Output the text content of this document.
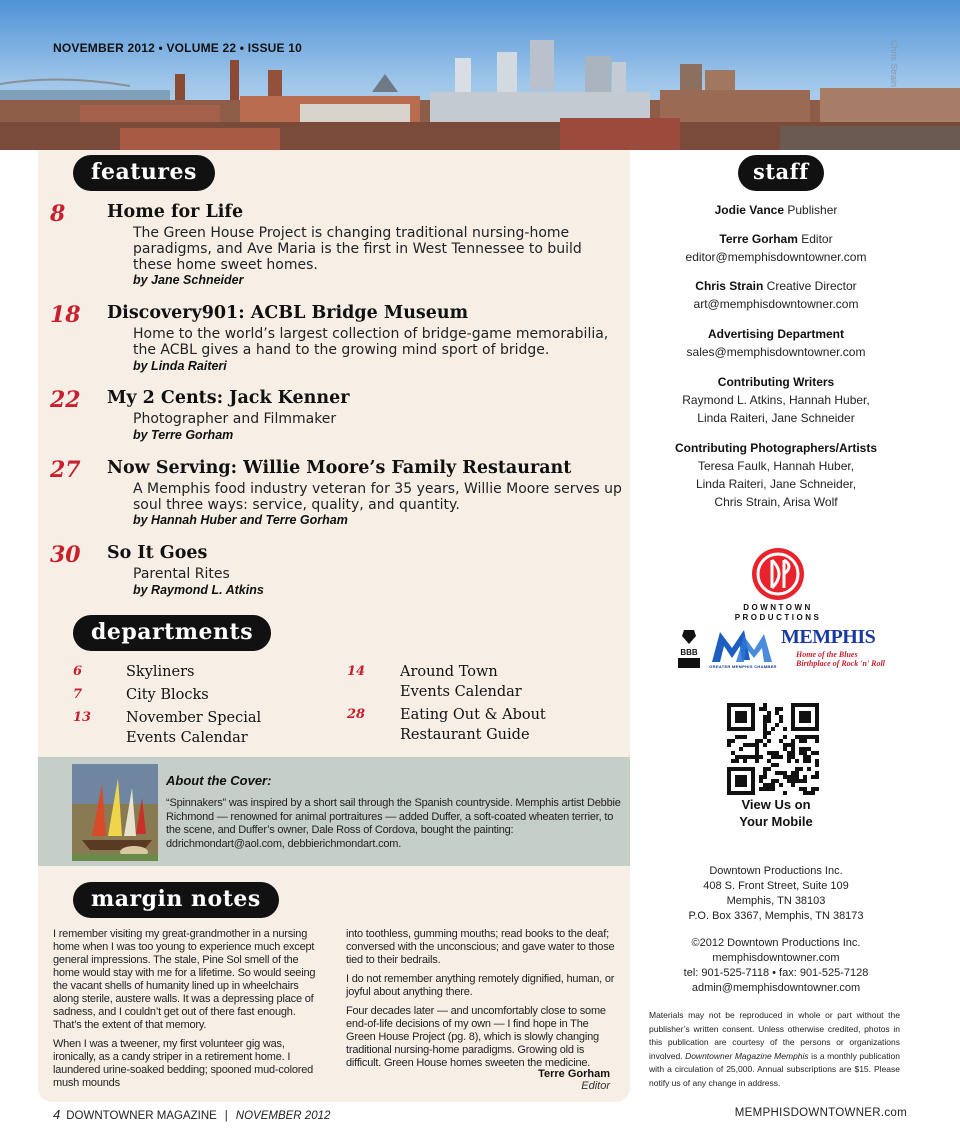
NOVEMBER 2012 • VOLUME 22 • ISSUE 10	Chris Strain
features
8	Home for Life
The Green House Project is changing traditional nursing-home paradigms, and Ave Maria is the first in West Tennessee to build these home sweet homes.
by Jane Schneider
18	Discovery901: ACBL Bridge Museum
Home to the world’s largest collection of bridge-game memorabilia, the ACBL gives a hand to the growing mind sport of bridge.
by Linda Raiteri
22	My 2 Cents: Jack Kenner
Photographer and Filmmaker
by Terre Gorham
27	Now Serving: Willie Moore’s Family Restaurant
A Memphis food industry veteran for 35 years, Willie Moore serves up soul three ways: service, quality, and quantity.
by Hannah Huber and Terre Gorham
30	So It Goes
Parental Rites
by Raymond L. Atkins
departments
6	Skyliners
7	City Blocks
13 November Special
Events Calendar
14 Around Town
Events Calendar
28 Eating Out & About
Restaurant Guide
About the Cover:
“Spinnakers” was inspired by a short sail through the Spanish countryside. Memphis artist Debbie Richmond — renowned for animal portraitures — added Duffer, a soft-coated wheaten terrier, to the scene, and Duffer’s owner, Dale Ross of Cordova, bought the painting: ddrichmondart@aol.com, debbierichmondart.com.
margin notes

I remember visiting my great-grandmother in a nursing home when I was too young to experience much except general impressions. The stale, Pine Sol smell of the home would stay with me for a lifetime. So would seeing the vacant shells of humanity lined up in wheelchairs along sterile, austere walls. It was a depressing place of sadness, and I couldn’t get out of there fast enough. That’s the extent of that memory.

When I was a tweener, my first volunteer gig was, ironically, as a candy striper in a retirement home. I laundered urine-soaked bedding; spooned mud-colored mush mounds

into toothless, gumming mouths; read books to the deaf; conversed with the unconscious; and gave water to those tied to their bedrails.

I do not remember anything remotely dignified, human, or joyful about anything there.

Four decades later — and uncomfortably close to some end-of-life decisions of my own — I find hope in The Green House Project (pg. 8), which is slowly changing traditional nursing-home paradigms. Growing old is difficult. Green House homes sweeten the medicine.

Terre Gorham
Editor
staff
Jodie Vance Publisher
Terre Gorham Editor
editor@memphisdowntowner.com
Chris Strain Creative Director
art@memphisdowntowner.com
Advertising Department
sales@memphisdowntowner.com
Contributing Writers
Raymond L. Atkins, Hannah Huber,
Linda Raiteri, Jane Schneider
Contributing Photographers/Artists
Teresa Faulk, Hannah Huber,
Linda Raiteri, Jane Schneider,
Chris Strain, Arisa Wolf
DOWNTOWN
PRODUCTIONS
BBB
GREATER MEMPHIS CHAMBER
MEMPHIS
Home of the Blues
Birthplace of Rock 'n' Roll
View Us on
Your Mobile
Downtown Productions Inc.
408 S. Front Street, Suite 109
Memphis, TN 38103
P.O. Box 3367, Memphis, TN 38173
©2012 Downtown Productions Inc.
memphisdowntowner.com
tel: 901-525-7118 • fax: 901-525-7128
admin@memphisdowntowner.com
Materials may not be reproduced in whole or part without the publisher’s written consent. Unless otherwise credited, photos in this publication are courtesy of the persons or organizations involved. Downtowner Magazine Memphis is a monthly publication with a circulation of 25,000. Annual subscriptions are $15. Please notify us of any change in address.
4 DOWNTOWNER MAGAZINE | NOVEMBER 2012	MEMPHISDOWNTOWNER.com
